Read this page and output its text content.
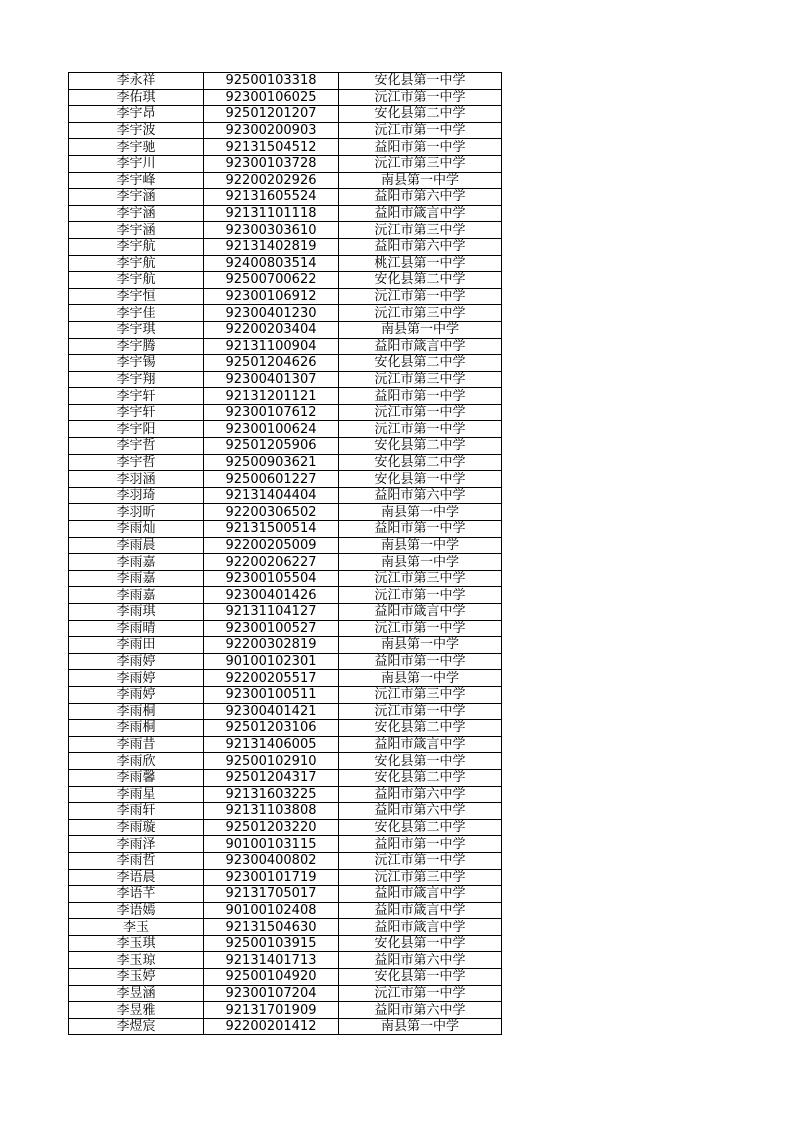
李永祥	92500103318	安化县第一中学
李佑琪	92300106025	沅江市第一中学
李宇昂	92501201207	安化县第二中学
李宇波	92300200903	沅江市第一中学
李宇驰	92131504512	益阳市第一中学
李宇川	92300103728	沅江市第三中学
李宇峰	92200202926	南县第一中学
李宇涵	92131605524	益阳市第六中学
李宇涵	92131101118	益阳市箴言中学
李宇涵	92300303610	沅江市第三中学
李宇航	92131402819	益阳市第六中学
李宇航	92400803514	桃江县第一中学
李宇航	92500700622	安化县第二中学
李宇恒	92300106912	沅江市第一中学
李宇佳	92300401230	沅江市第三中学
李宇琪	92200203404	南县第一中学
李宇腾	92131100904	益阳市箴言中学
李宇锡	92501204626	安化县第二中学
李宇翔	92300401307	沅江市第三中学
李宇轩	92131201121	益阳市第一中学
李宇轩	92300107612	沅江市第一中学
李宇阳	92300100624	沅江市第一中学
李宇哲	92501205906	安化县第二中学
李宇哲	92500903621	安化县第二中学
李羽涵	92500601227	安化县第一中学
李羽琦	92131404404	益阳市第六中学
李羽昕	92200306502	南县第一中学
李雨灿	92131500514	益阳市第一中学
李雨晨	92200205009	南县第一中学
李雨嘉	92200206227	南县第一中学
李雨嘉	92300105504	沅江市第三中学
李雨嘉	92300401426	沅江市第一中学
李雨琪	92131104127	益阳市箴言中学
李雨晴	92300100527	沅江市第一中学
李雨田	92200302819	南县第一中学
李雨婷	90100102301	益阳市第一中学
李雨婷	92200205517	南县第一中学
李雨婷	92300100511	沅江市第三中学
李雨桐	92300401421	沅江市第一中学
李雨桐	92501203106	安化县第二中学
李雨昔	92131406005	益阳市箴言中学
李雨欣	92500102910	安化县第一中学
李雨馨	92501204317	安化县第二中学
李雨星	92131603225	益阳市第六中学
李雨轩	92131103808	益阳市第六中学
李雨璇	92501203220	安化县第二中学
李雨泽	90100103115	益阳市第一中学
李雨哲	92300400802	沅江市第一中学
李语晨	92300101719	沅江市第三中学
李语芊	92131705017	益阳市箴言中学
李语嫣	90100102408	益阳市箴言中学
李玉	92131504630	益阳市箴言中学
李玉琪	92500103915	安化县第一中学
李玉琼	92131401713	益阳市第六中学
李玉婷	92500104920	安化县第一中学
李昱涵	92300107204	沅江市第一中学
李昱雅	92131701909	益阳市第六中学
李煜宸	92200201412	南县第一中学
